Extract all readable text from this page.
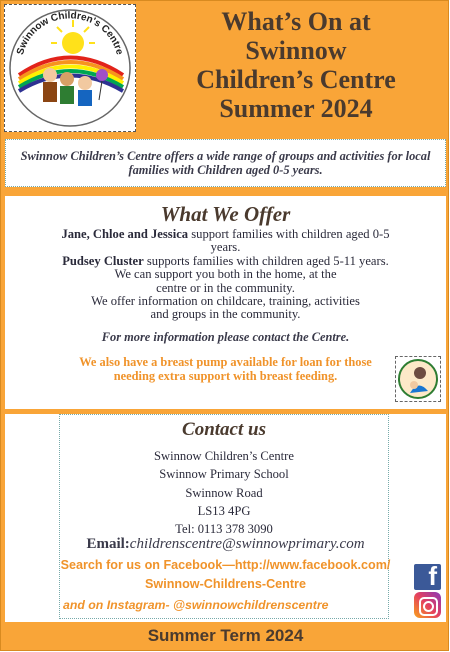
Swinnow Children's Centre
What’s On at
Swinnow
Children’s Centre
Summer 2024

Swinnow Children’s Centre offers a wide range of groups and activities for local families with Children aged 0-5 years.

What We Offer
Jane, Chloe and Jessica support families with children aged 0-5 years.
Pudsey Cluster supports families with children aged 5-11 years.
We can support you both in the home, at the centre or in the community.
We offer information on childcare, training, activities and groups in the community.
For more information please contact the Centre.
We also have a breast pump available for loan for those needing extra support with breast feeding.
Contact us
Swinnow Children’s Centre
Swinnow Primary School
Swinnow Road
LS13 4PG
Tel: 0113 378 3090
Email:childrenscentre@swinnowprimary.com
Search for us on Facebook—http://www.facebook.com/
Swinnow-Childrens-Centre
and on Instagram- @swinnowchildrenscentre
f
Summer Term 2024
